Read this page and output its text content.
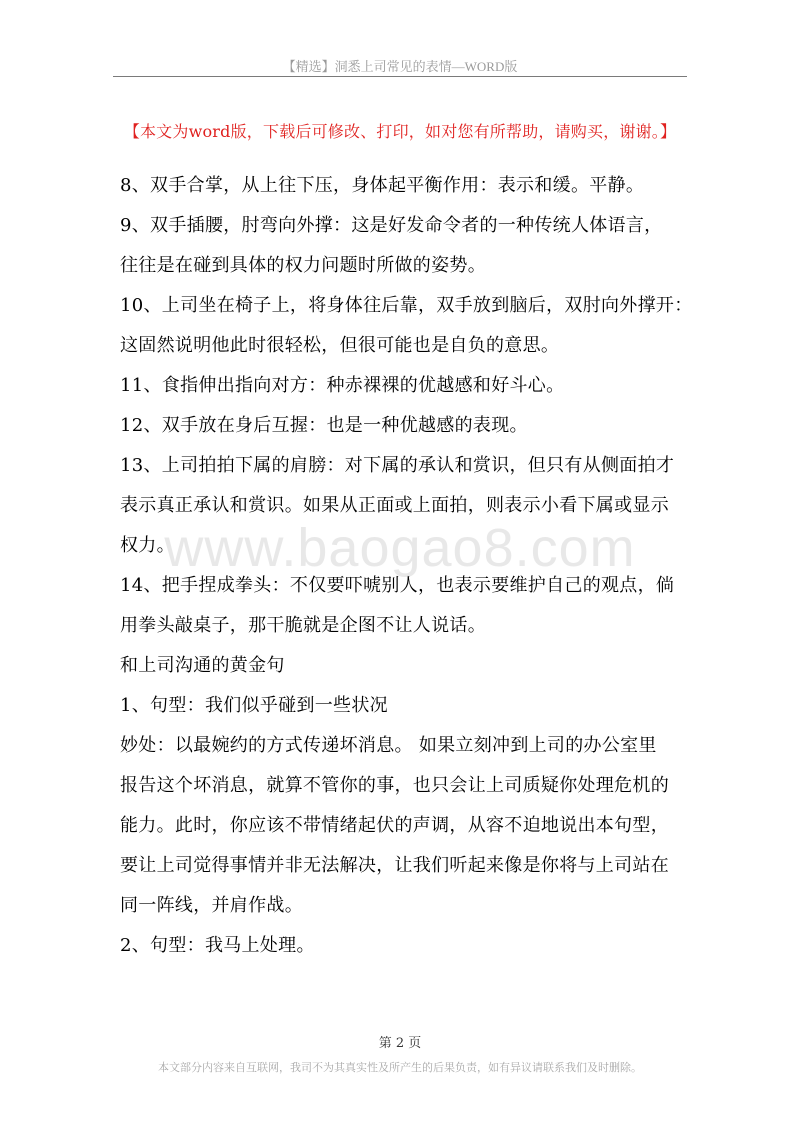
【精选】洞悉上司常见的表情—WORD版
【本文为word版，下载后可修改、打印，如对您有所帮助，请购买，谢谢。】

8、双手合掌，从上往下压，身体起平衡作用：表示和缓。平静。

9、双手插腰，肘弯向外撑：这是好发命令者的一种传统人体语言，

往往是在碰到具体的权力问题时所做的姿势。

10、上司坐在椅子上，将身体往后靠，双手放到脑后，双肘向外撑开：

这固然说明他此时很轻松，但很可能也是自负的意思。

11、食指伸出指向对方：种赤裸裸的优越感和好斗心。

12、双手放在身后互握：也是一种优越感的表现。

13、上司拍拍下属的肩膀：对下属的承认和赏识，但只有从侧面拍才

表示真正承认和赏识。如果从正面或上面拍，则表示小看下属或显示

权力。

14、把手捏成拳头：不仅要吓唬别人，也表示要维护自己的观点，倘

用拳头敲桌子，那干脆就是企图不让人说话。

和上司沟通的黄金句

1、句型：我们似乎碰到一些状况

妙处：以最婉约的方式传递坏消息。 如果立刻冲到上司的办公室里

报告这个坏消息，就算不管你的事，也只会让上司质疑你处理危机的

能力。此时，你应该不带情绪起伏的声调，从容不迫地说出本句型，

要让上司觉得事情并非无法解决，让我们听起来像是你将与上司站在

同一阵线，并肩作战。

2、句型：我马上处理。

www.baogao8.com
第 2 页
本文部分内容来自互联网，我司不为其真实性及所产生的后果负责，如有异议请联系我们及时删除。
